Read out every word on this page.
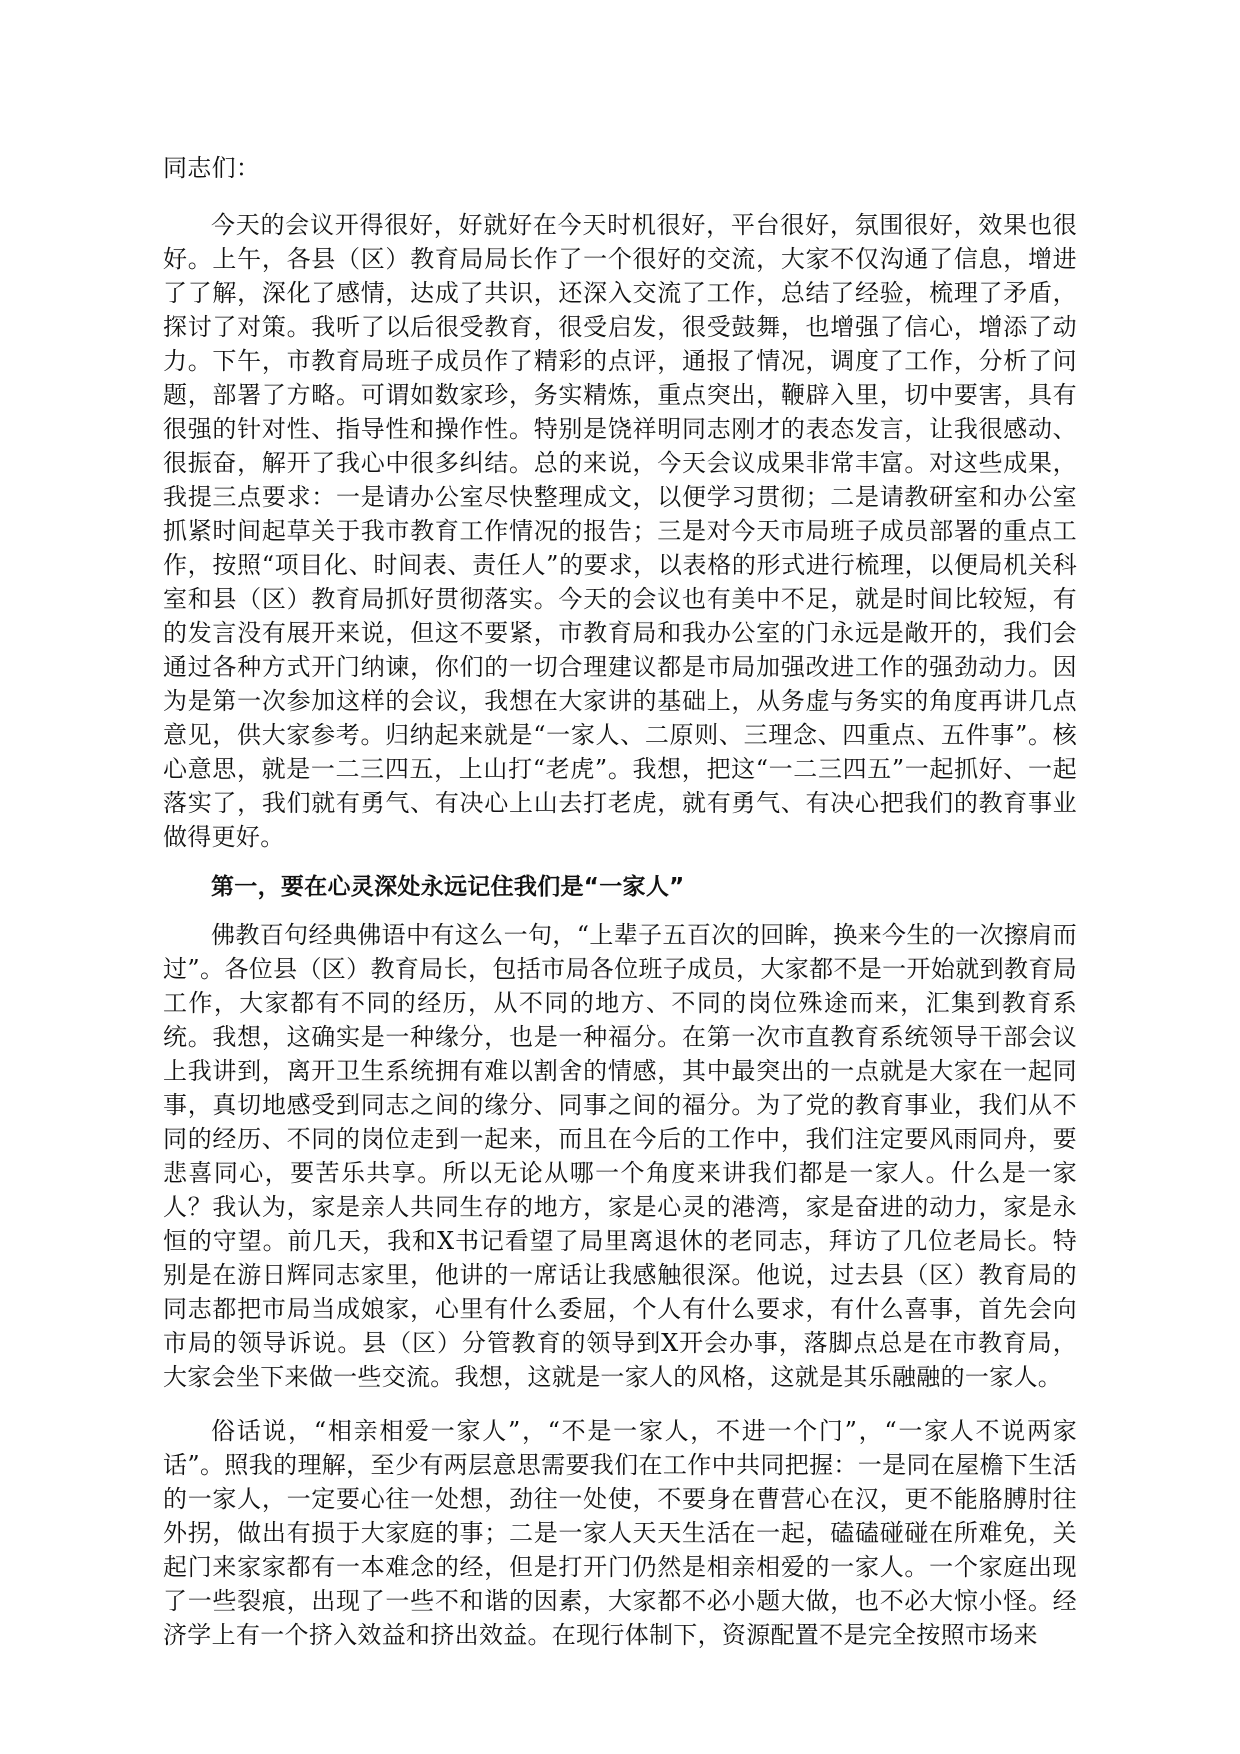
同志们：

今天的会议开得很好，好就好在今天时机很好，平台很好，氛围很好，效果也很好。上午，各县（区）教育局局长作了一个很好的交流，大家不仅沟通了信息，增进了了解，深化了感情，达成了共识，还深入交流了工作，总结了经验，梳理了矛盾，探讨了对策。我听了以后很受教育，很受启发，很受鼓舞，也增强了信心，增添了动力。下午，市教育局班子成员作了精彩的点评，通报了情况，调度了工作，分析了问题，部署了方略。可谓如数家珍，务实精炼，重点突出，鞭辟入里，切中要害，具有很强的针对性、指导性和操作性。特别是饶祥明同志刚才的表态发言，让我很感动、很振奋，解开了我心中很多纠结。总的来说，今天会议成果非常丰富。对这些成果，我提三点要求：一是请办公室尽快整理成文，以便学习贯彻；二是请教研室和办公室抓紧时间起草关于我市教育工作情况的报告；三是对今天市局班子成员部署的重点工作，按照“项目化、时间表、责任人”的要求，以表格的形式进行梳理，以便局机关科室和县（区）教育局抓好贯彻落实。今天的会议也有美中不足，就是时间比较短，有的发言没有展开来说，但这不要紧，市教育局和我办公室的门永远是敞开的，我们会通过各种方式开门纳谏，你们的一切合理建议都是市局加强改进工作的强劲动力。因为是第一次参加这样的会议，我想在大家讲的基础上，从务虚与务实的角度再讲几点意见，供大家参考。归纳起来就是“一家人、二原则、三理念、四重点、五件事”。核心意思，就是一二三四五，上山打“老虎”。我想，把这“一二三四五”一起抓好、一起落实了，我们就有勇气、有决心上山去打老虎，就有勇气、有决心把我们的教育事业做得更好。

第一，要在心灵深处永远记住我们是“一家人”

佛教百句经典佛语中有这么一句，“上辈子五百次的回眸，换来今生的一次擦肩而过”。各位县（区）教育局长，包括市局各位班子成员，大家都不是一开始就到教育局工作，大家都有不同的经历，从不同的地方、不同的岗位殊途而来，汇集到教育系统。我想，这确实是一种缘分，也是一种福分。在第一次市直教育系统领导干部会议上我讲到，离开卫生系统拥有难以割舍的情感，其中最突出的一点就是大家在一起同事，真切地感受到同志之间的缘分、同事之间的福分。为了党的教育事业，我们从不同的经历、不同的岗位走到一起来，而且在今后的工作中，我们注定要风雨同舟，要悲喜同心，要苦乐共享。所以无论从哪一个角度来讲我们都是一家人。什么是一家人？我认为，家是亲人共同生存的地方，家是心灵的港湾，家是奋进的动力，家是永恒的守望。前几天，我和X书记看望了局里离退休的老同志，拜访了几位老局长。特别是在游日辉同志家里，他讲的一席话让我感触很深。他说，过去县（区）教育局的同志都把市局当成娘家，心里有什么委屈，个人有什么要求，有什么喜事，首先会向市局的领导诉说。县（区）分管教育的领导到X开会办事，落脚点总是在市教育局，大家会坐下来做一些交流。我想，这就是一家人的风格，这就是其乐融融的一家人。

俗话说，“相亲相爱一家人”，“不是一家人，不进一个门”，“一家人不说两家话”。照我的理解，至少有两层意思需要我们在工作中共同把握：一是同在屋檐下生活的一家人，一定要心往一处想，劲往一处使，不要身在曹营心在汉，更不能胳膊肘往外拐，做出有损于大家庭的事；二是一家人天天生活在一起，磕磕碰碰在所难免，关起门来家家都有一本难念的经，但是打开门仍然是相亲相爱的一家人。一个家庭出现了一些裂痕，出现了一些不和谐的因素，大家都不必小题大做，也不必大惊小怪。经济学上有一个挤入效益和挤出效益。在现行体制下，资源配置不是完全按照市场来
